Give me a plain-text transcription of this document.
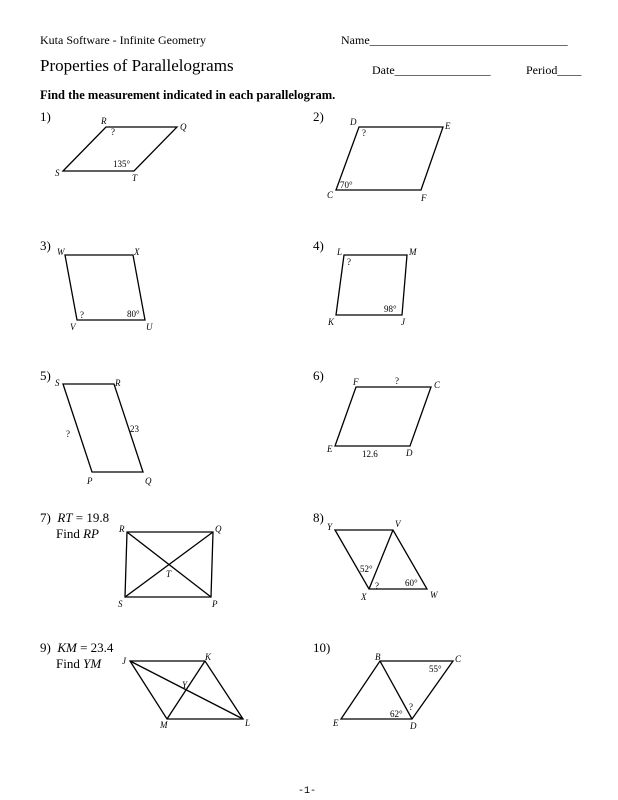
Kuta Software - Infinite Geometry	Name_________________________________
Properties of Parallelograms	Date________________	Period____
Find the measurement indicated in each parallelogram.
1)	2)
3)	4)
5)	6)
7) RT = 19.8
Find RP
8)
9) KM = 23.4
Find YM
10)
R
Q
T
S
?
135°
D	E
F
C
?
70°
W	X
U
V
?	80°
L	M
J
K
?
98°
S	R
Q
P
?	23
F	C
D
E
?
12.6
R	Q
P
S
T
Y	V
W
X
52°
?	60°
J	K
L
M
Y
B	C
D
E
55°
?
62°
-1-
